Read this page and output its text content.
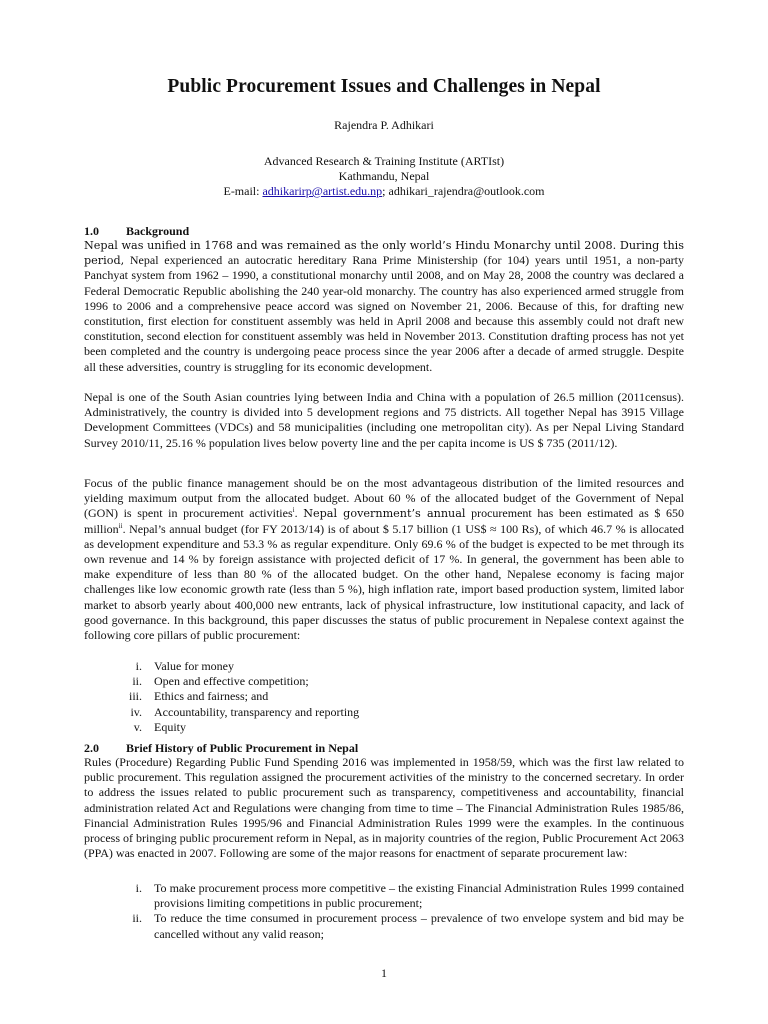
Public Procurement Issues and Challenges in Nepal
Rajendra P. Adhikari
Advanced Research & Training Institute (ARTIst)
Kathmandu, Nepal
E-mail: adhikarirp@artist.edu.np; adhikari_rajendra@outlook.com
1.0 Background
Nepal was unified in 1768 and was remained as the only world’s Hindu Monarchy until 2008. During this period, Nepal experienced an autocratic hereditary Rana Prime Ministership (for 104) years until 1951, a non-party Panchyat system from 1962 – 1990, a constitutional monarchy until 2008, and on May 28, 2008 the country was declared a Federal Democratic Republic abolishing the 240 year-old monarchy. The country has also experienced armed struggle from 1996 to 2006 and a comprehensive peace accord was signed on November 21, 2006. Because of this, for drafting new constitution, first election for constituent assembly was held in April 2008 and because this assembly could not draft new constitution, second election for constituent assembly was held in November 2013. Constitution drafting process has not yet been completed and the country is undergoing peace process since the year 2006 after a decade of armed struggle. Despite all these adversities, country is struggling for its economic development.
Nepal is one of the South Asian countries lying between India and China with a population of 26.5 million (2011census). Administratively, the country is divided into 5 development regions and 75 districts. All together Nepal has 3915 Village Development Committees (VDCs) and 58 municipalities (including one metropolitan city). As per Nepal Living Standard Survey 2010/11, 25.16 % population lives below poverty line and the per capita income is US $ 735 (2011/12).
Focus of the public finance management should be on the most advantageous distribution of the limited resources and yielding maximum output from the allocated budget. About 60 % of the allocated budget of the Government of Nepal (GON) is spent in procurement activities$^i$. Nepal government’s annual procurement has been estimated as $ 650 million$^{ii}$. Nepal’s annual budget (for FY 2013/14) is of about $ 5.17 billion (1 US$ ≈ 100 Rs), of which 46.7 % is allocated as development expenditure and 53.3 % as regular expenditure. Only 69.6 % of the budget is expected to be met through its own revenue and 14 % by foreign assistance with projected deficit of 17 %. In general, the government has been able to make expenditure of less than 80 % of the allocated budget. On the other hand, Nepalese economy is facing major challenges like low economic growth rate (less than 5 %), high inflation rate, import based production system, limited labor market to absorb yearly about 400,000 new entrants, lack of physical infrastructure, low institutional capacity, and lack of good governance. In this background, this paper discusses the status of public procurement in Nepalese context against the following core pillars of public procurement:
i. Value for money
ii. Open and effective competition;
iii. Ethics and fairness; and
iv. Accountability, transparency and reporting
v. Equity
2.0 Brief History of Public Procurement in Nepal
Rules (Procedure) Regarding Public Fund Spending 2016 was implemented in 1958/59, which was the first law related to public procurement. This regulation assigned the procurement activities of the ministry to the concerned secretary. In order to address the issues related to public procurement such as transparency, competitiveness and accountability, financial administration related Act and Regulations were changing from time to time – The Financial Administration Rules 1985/86, Financial Administration Rules 1995/96 and Financial Administration Rules 1999 were the examples. In the continuous process of bringing public procurement reform in Nepal, as in majority countries of the region, Public Procurement Act 2063 (PPA) was enacted in 2007. Following are some of the major reasons for enactment of separate procurement law:
i. To make procurement process more competitive – the existing Financial Administration Rules 1999 contained provisions limiting competitions in public procurement;
ii. To reduce the time consumed in procurement process – prevalence of two envelope system and bid may be cancelled without any valid reason;
1
